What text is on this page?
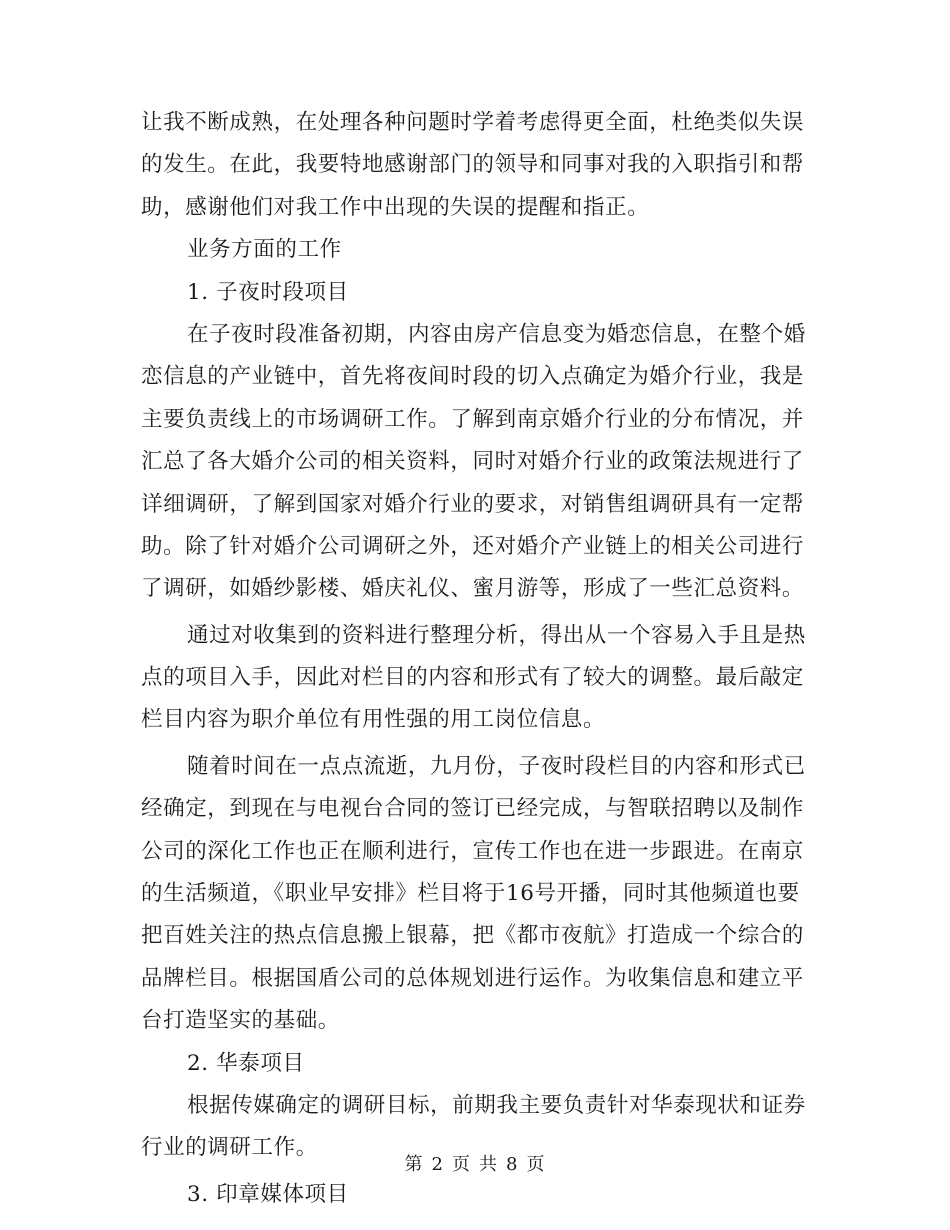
让我不断成熟，在处理各种问题时学着考虑得更全面，杜绝类似失误
的发生。在此，我要特地感谢部门的领导和同事对我的入职指引和帮
助，感谢他们对我工作中出现的失误的提醒和指正。
业务方面的工作
1. 子夜时段项目
在子夜时段准备初期，内容由房产信息变为婚恋信息，在整个婚
恋信息的产业链中，首先将夜间时段的切入点确定为婚介行业，我是
主要负责线上的市场调研工作。了解到南京婚介行业的分布情况，并
汇总了各大婚介公司的相关资料，同时对婚介行业的政策法规进行了
详细调研，了解到国家对婚介行业的要求，对销售组调研具有一定帮
助。除了针对婚介公司调研之外，还对婚介产业链上的相关公司进行
了调研，如婚纱影楼、婚庆礼仪、蜜月游等，形成了一些汇总资料。
通过对收集到的资料进行整理分析，得出从一个容易入手且是热
点的项目入手，因此对栏目的内容和形式有了较大的调整。最后敲定
栏目内容为职介单位有用性强的用工岗位信息。
随着时间在一点点流逝，九月份，子夜时段栏目的内容和形式已
经确定，到现在与电视台合同的签订已经完成，与智联招聘以及制作
公司的深化工作也正在顺利进行，宣传工作也在进一步跟进。在南京
的生活频道，《职业早安排》栏目将于16号开播，同时其他频道也要
把百姓关注的热点信息搬上银幕，把《都市夜航》打造成一个综合的
品牌栏目。根据国盾公司的总体规划进行运作。为收集信息和建立平
台打造坚实的基础。
2. 华泰项目
根据传媒确定的调研目标，前期我主要负责针对华泰现状和证券
行业的调研工作。
3. 印章媒体项目
第 2 页 共 8 页
